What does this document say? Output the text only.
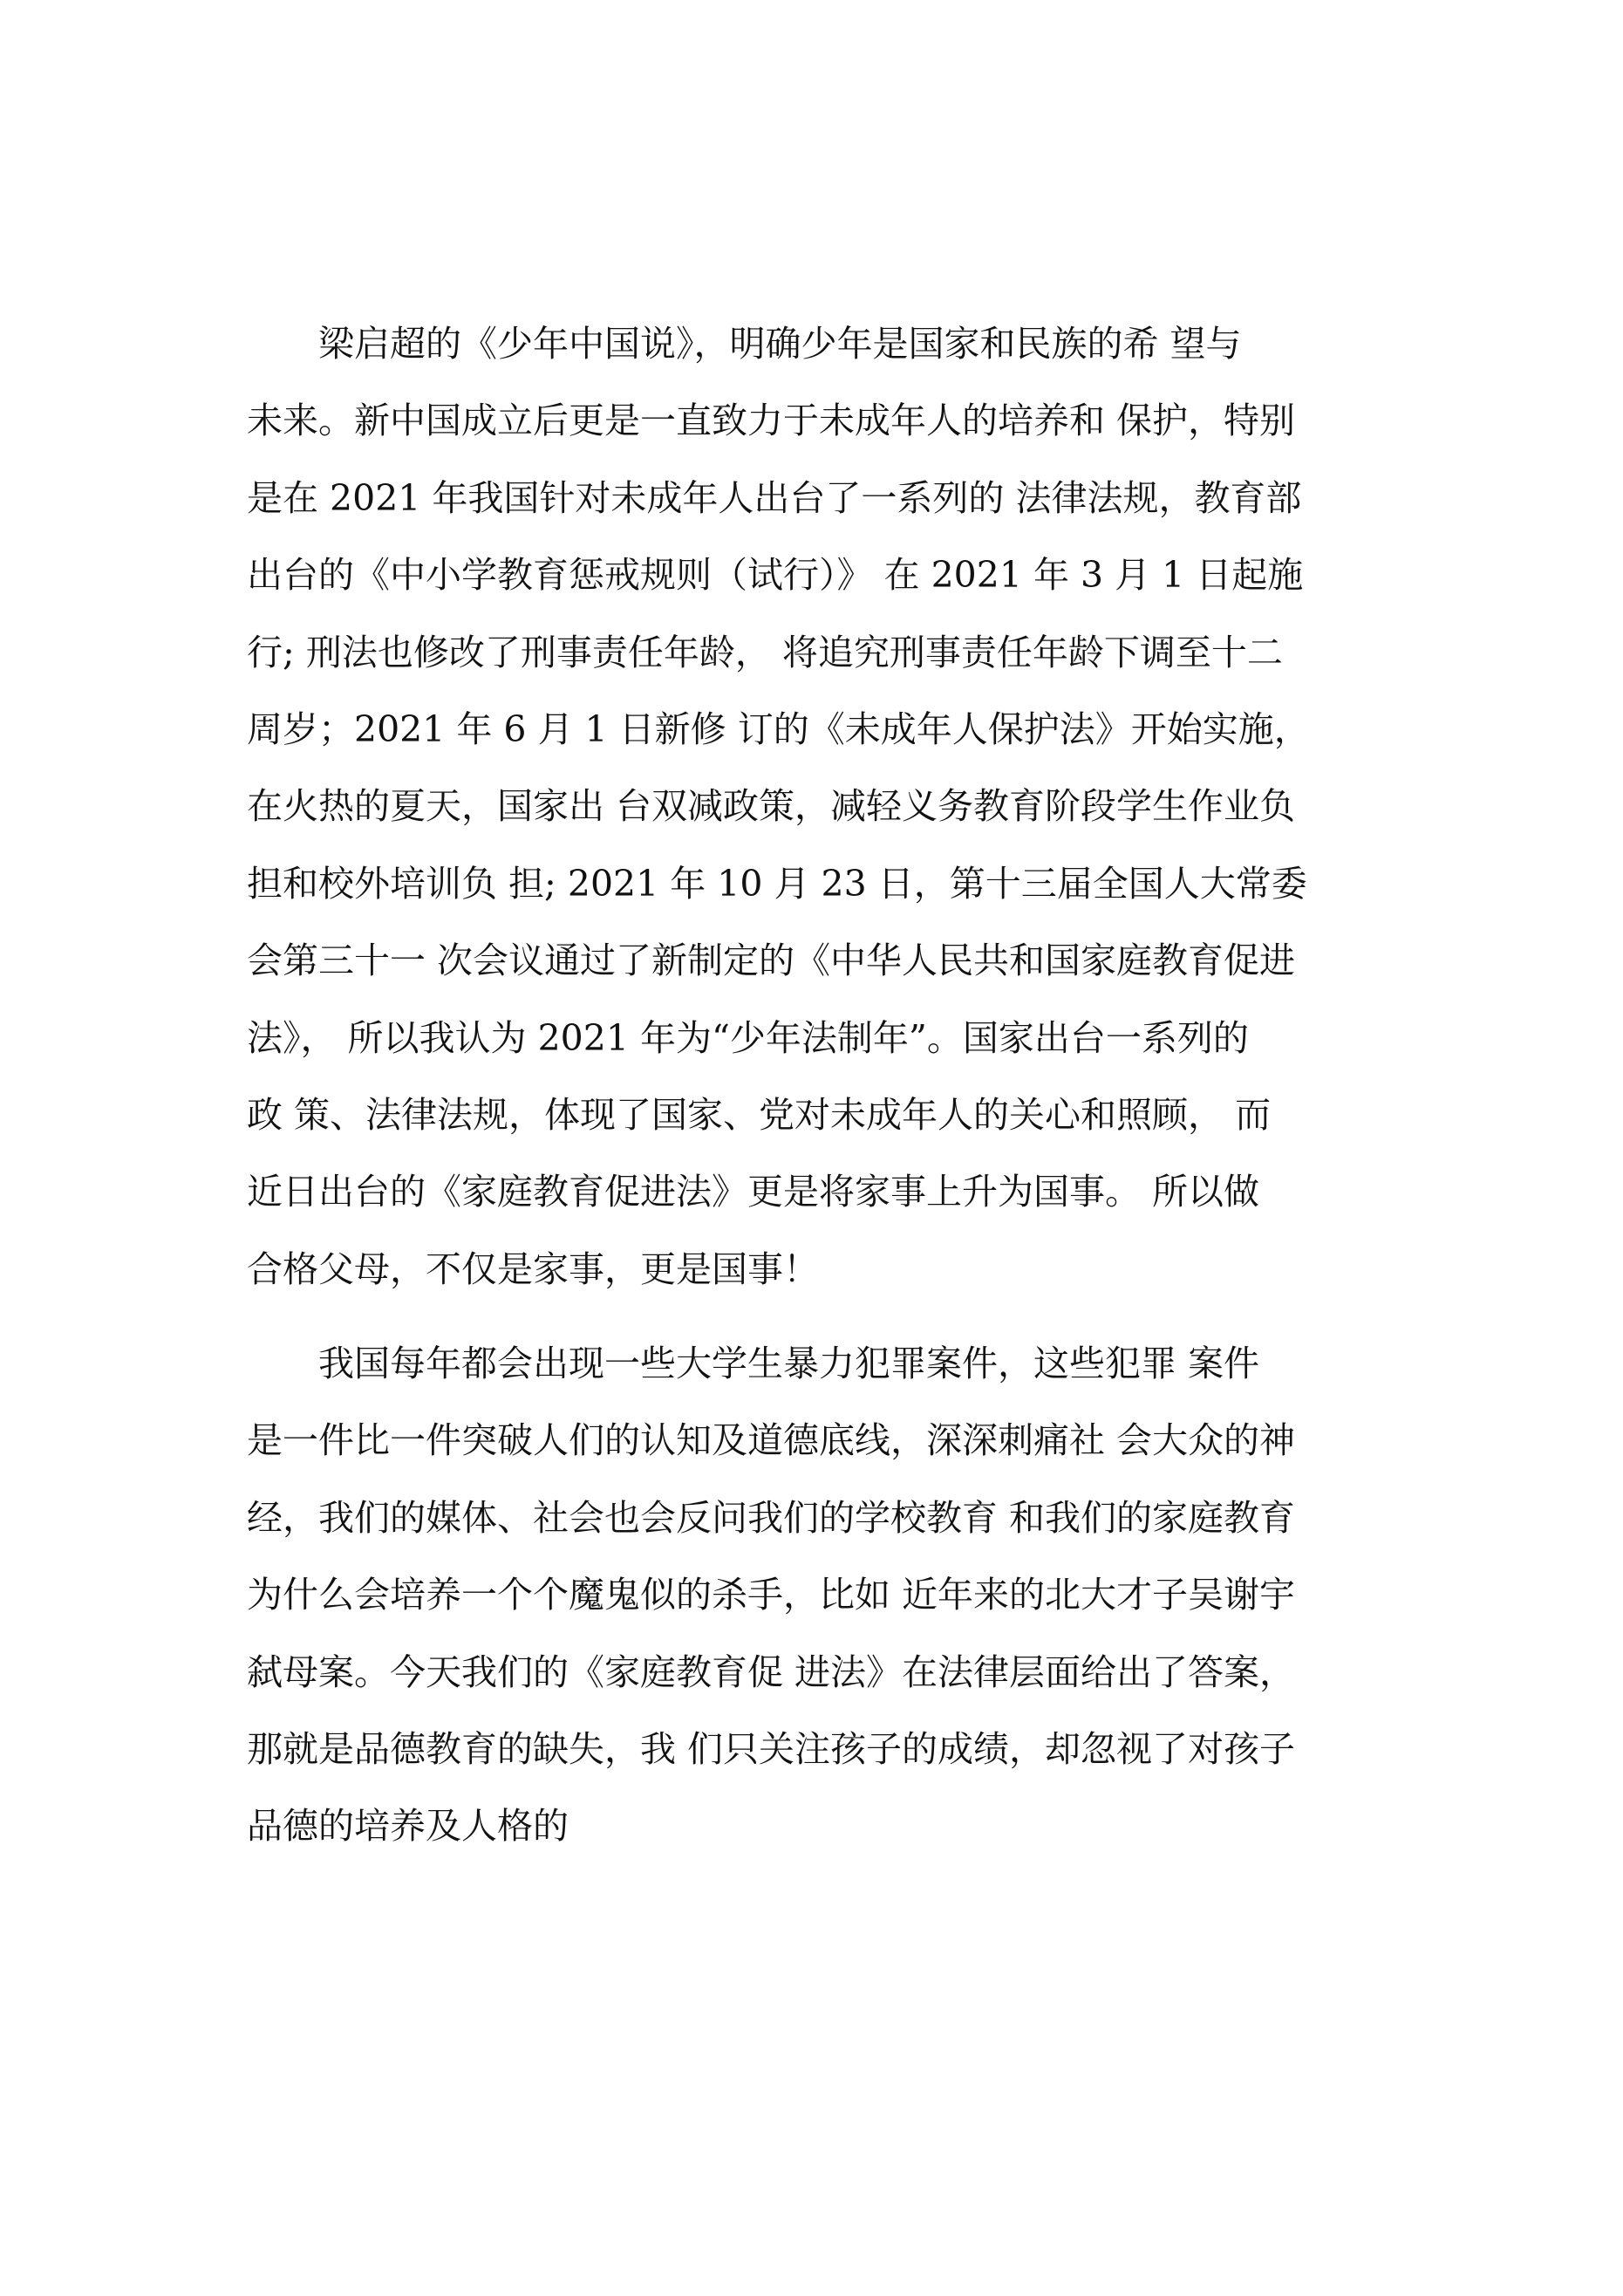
　　梁启超的《少年中国说》，明确少年是国家和民族的希 望与
未来。新中国成立后更是一直致力于未成年人的培养和 保护，特别
是在 2021 年我国针对未成年人出台了一系列的 法律法规，教育部
出台的《中小学教育惩戒规则（试行）》 在 2021 年 3 月 1 日起施
行; 刑法也修改了刑事责任年龄， 将追究刑事责任年龄下调至十二
周岁；2021 年 6 月 1 日新修 订的《未成年人保护法》开始实施，
在火热的夏天，国家出 台双减政策，减轻义务教育阶段学生作业负
担和校外培训负 担; 2021 年 10 月 23 日，第十三届全国人大常委
会第三十一 次会议通过了新制定的《中华人民共和国家庭教育促进
法》， 所以我认为 2021 年为“少年法制年”。国家出台一系列的
政 策、法律法规，体现了国家、党对未成年人的关心和照顾， 而
近日出台的《家庭教育促进法》更是将家事上升为国事。 所以做
合格父母，不仅是家事，更是国事！
　　我国每年都会出现一些大学生暴力犯罪案件，这些犯罪 案件
是一件比一件突破人们的认知及道德底线，深深刺痛社 会大众的神
经，我们的媒体、社会也会反问我们的学校教育 和我们的家庭教育
为什么会培养一个个魔鬼似的杀手，比如 近年来的北大才子吴谢宇
弑母案。今天我们的《家庭教育促 进法》在法律层面给出了答案，
那就是品德教育的缺失，我 们只关注孩子的成绩，却忽视了对孩子
品德的培养及人格的
